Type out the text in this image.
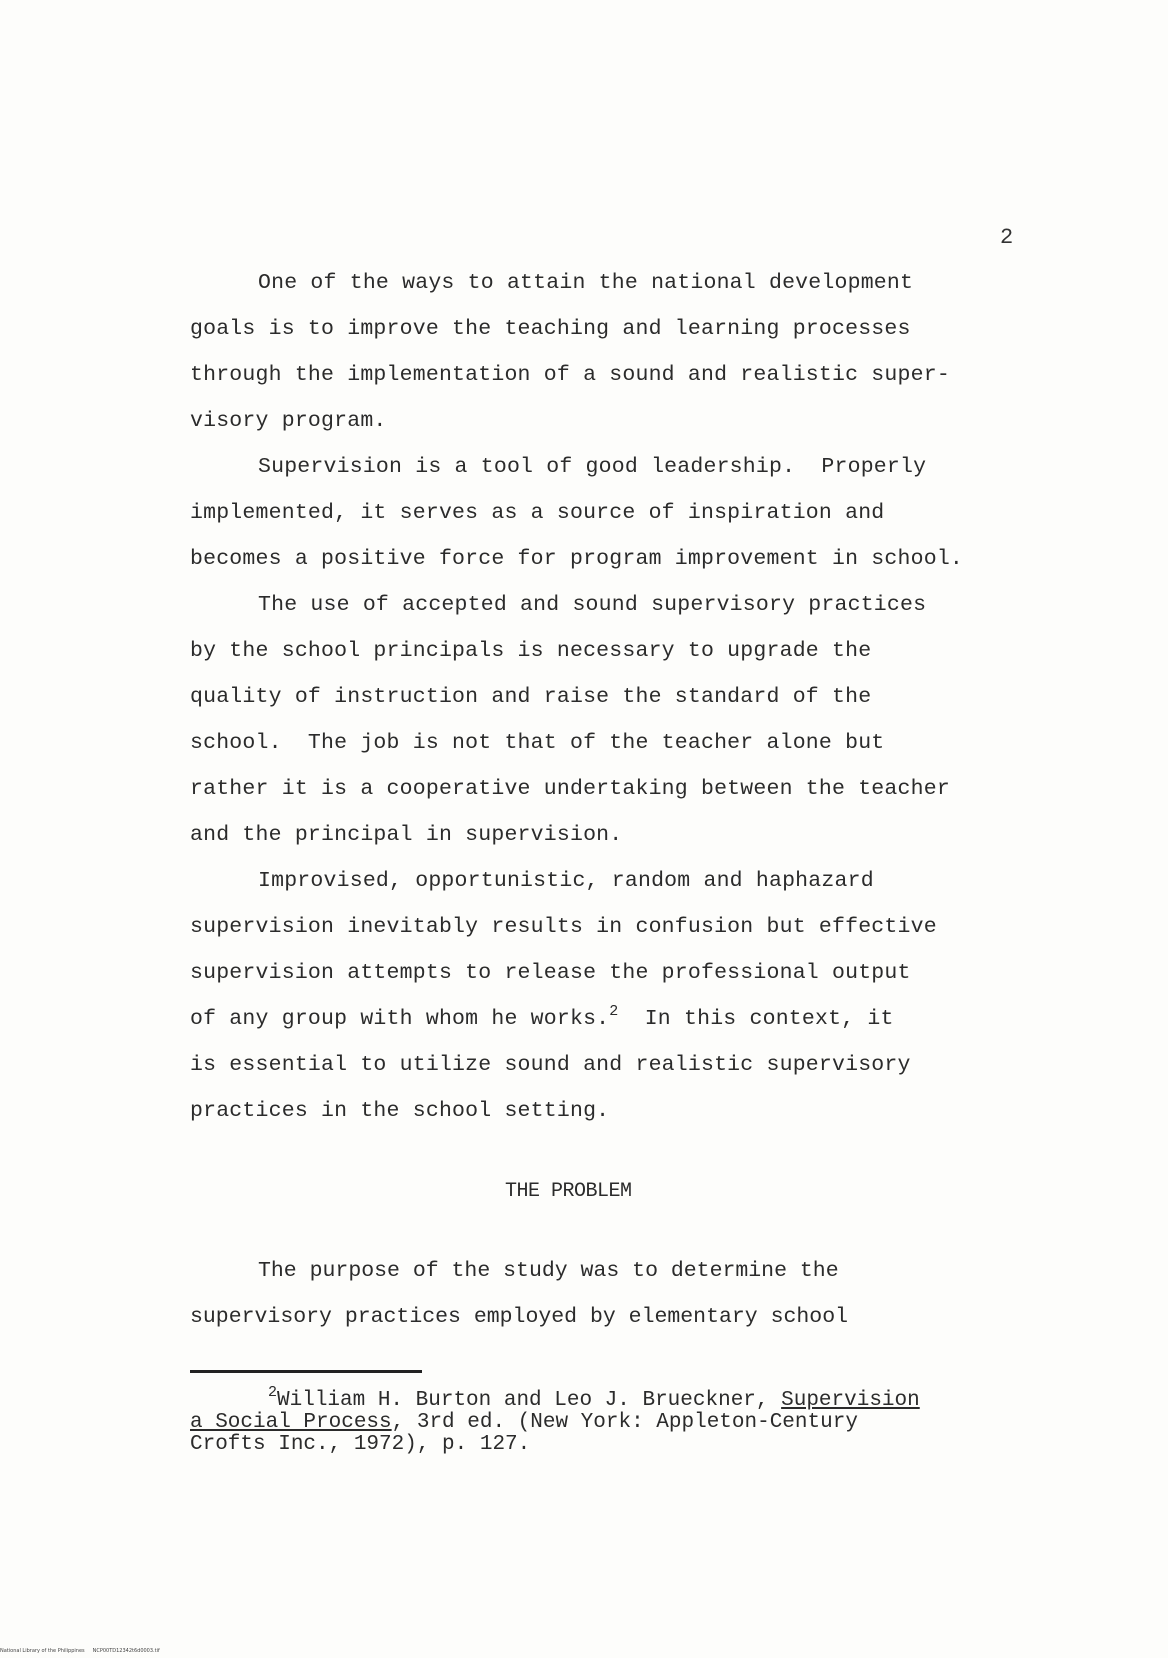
2
One of the ways to attain the national development
goals is to improve the teaching and learning processes
through the implementation of a sound and realistic super-
visory program.
Supervision is a tool of good leadership.  Properly
implemented, it serves as a source of inspiration and
becomes a positive force for program improvement in school.
The use of accepted and sound supervisory practices
by the school principals is necessary to upgrade the
quality of instruction and raise the standard of the
school.  The job is not that of the teacher alone but
rather it is a cooperative undertaking between the teacher
and the principal in supervision.
Improvised, opportunistic, random and haphazard
supervision inevitably results in confusion but effective
supervision attempts to release the professional output
of any group with whom he works.$^2$  In this context, it
is essential to utilize sound and realistic supervisory
practices in the school setting.
THE PROBLEM
The purpose of the study was to determine the
supervisory practices employed by elementary school
$^2$William H. Burton and Leo J. Brueckner, Supervision
a Social Process, 3rd ed. (New York: Appleton-Century
Crofts Inc., 1972), p. 127.
National Library of the Philippines     NCP00TD12342t6d0003.tif
